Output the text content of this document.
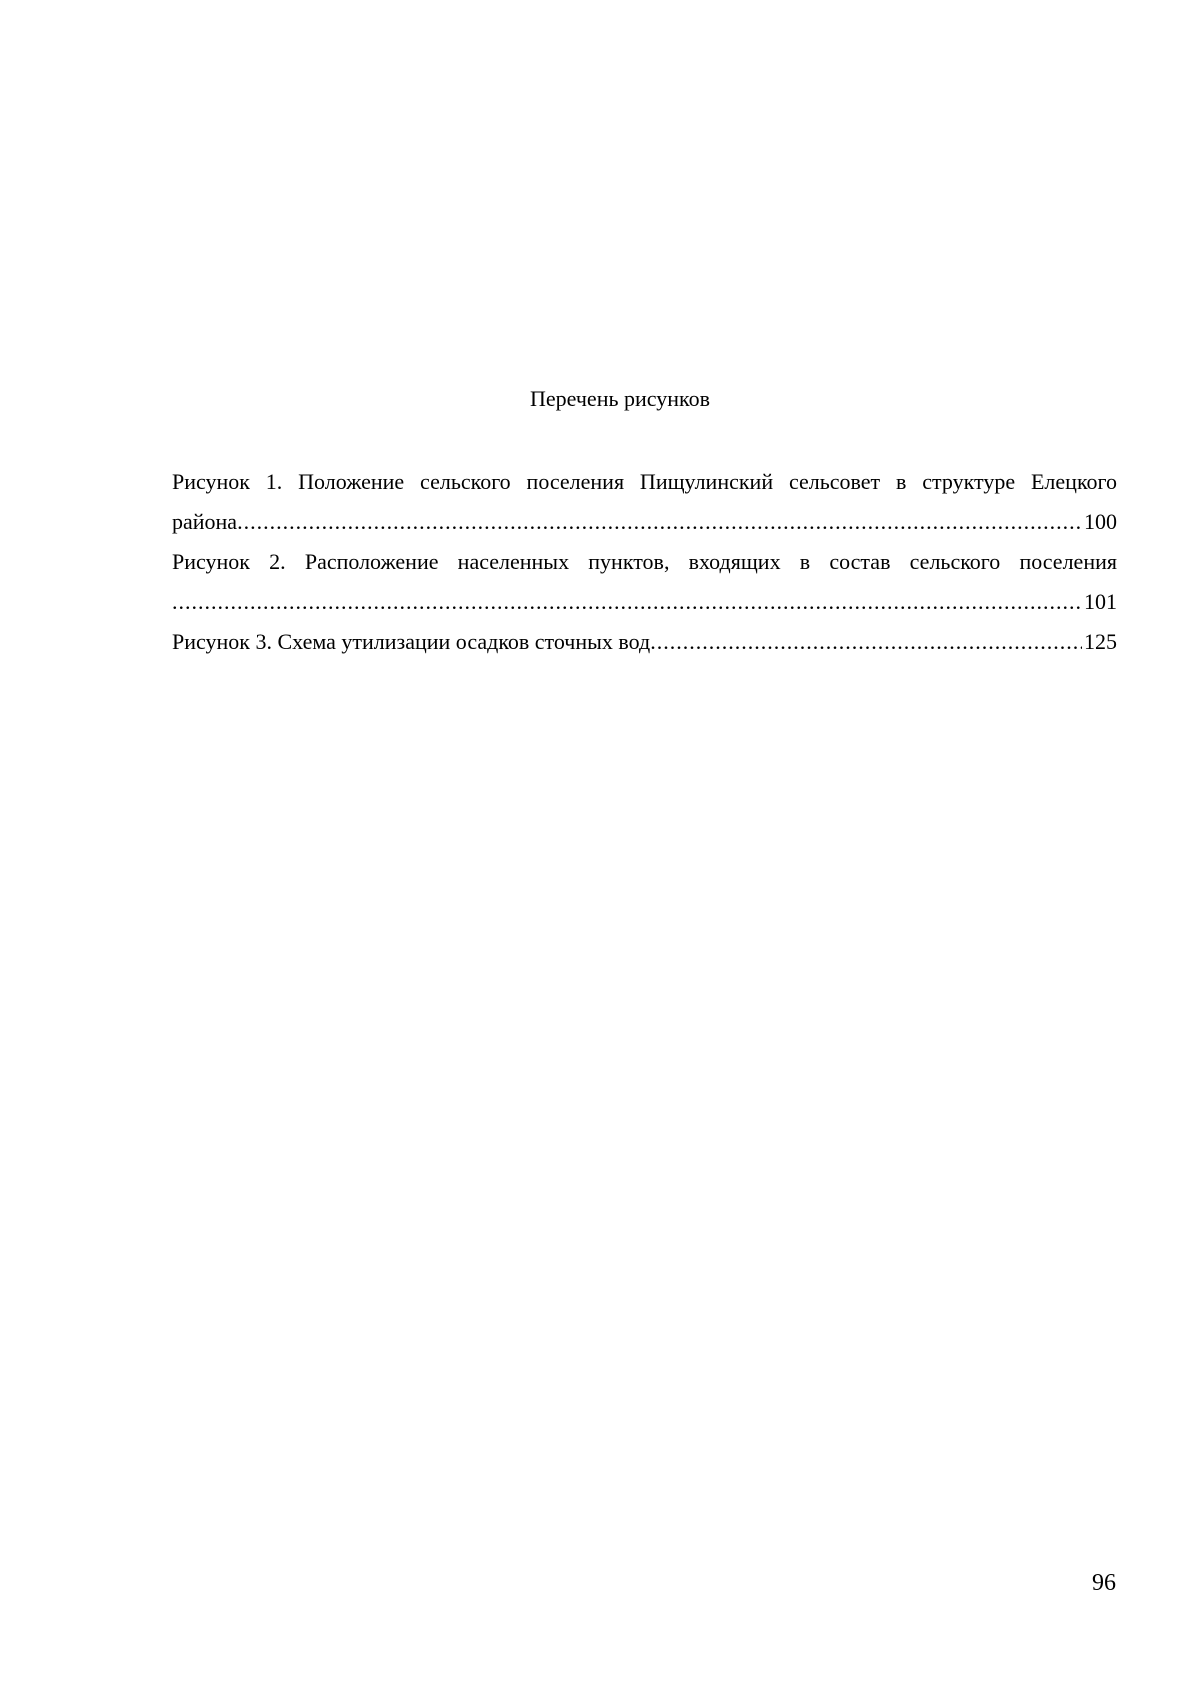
Перечень рисунков
Рисунок 1. Положение сельского поселения Пищулинский сельсовет в структуре Елецкого
района .....	100
Рисунок 2. Расположение населенных пунктов, входящих в состав сельского поселения
.....
101
Рисунок 3. Схема утилизации осадков сточных вод .....	125
96
